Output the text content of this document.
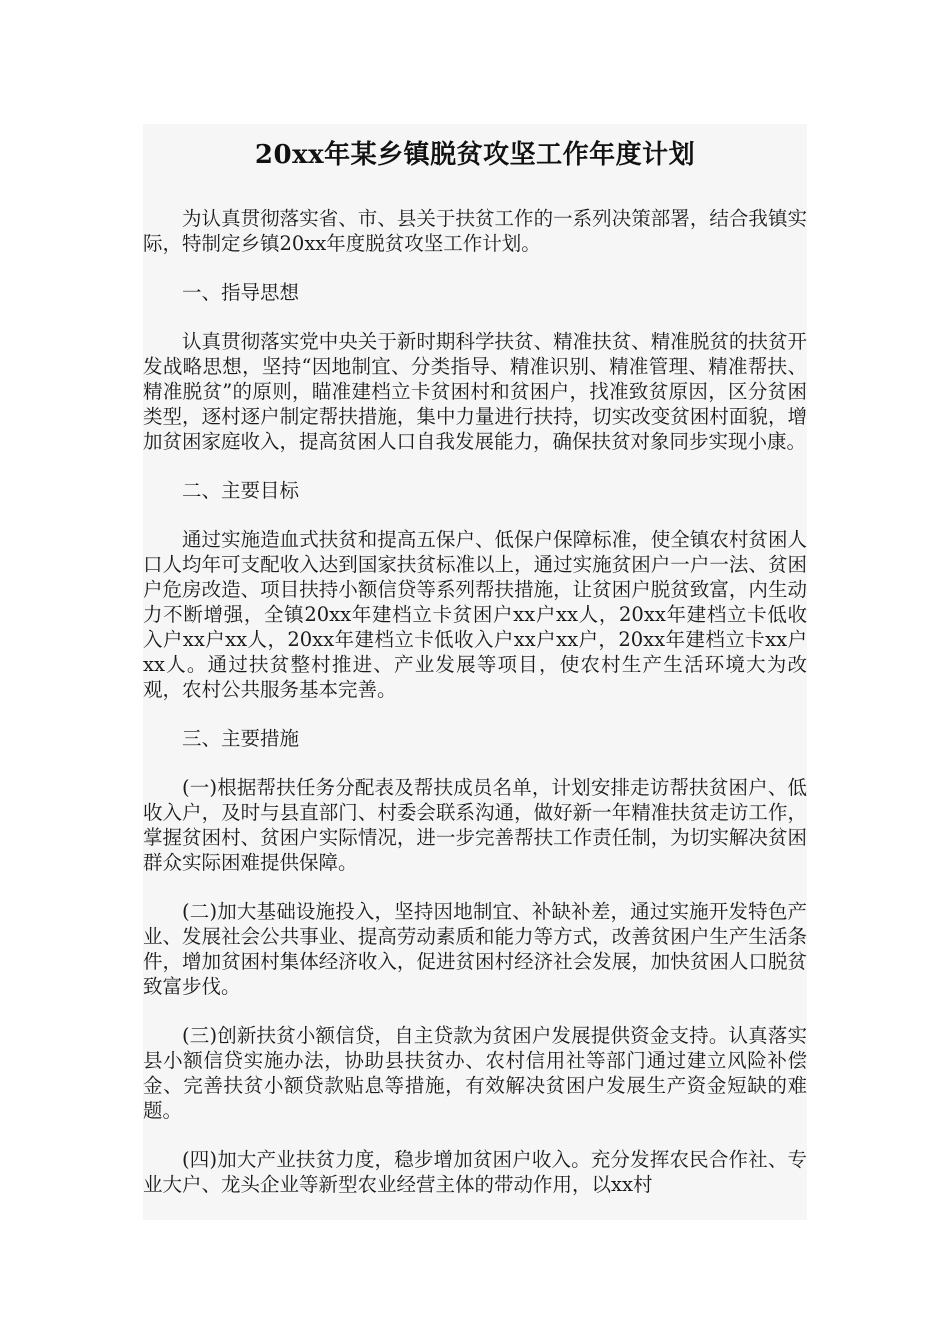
20xx年某乡镇脱贫攻坚工作年度计划

为认真贯彻落实省、市、县关于扶贫工作的一系列决策部署，结合我镇实际，特制定乡镇20xx年度脱贫攻坚工作计划。

一、指导思想

认真贯彻落实党中央关于新时期科学扶贫、精准扶贫、精准脱贫的扶贫开发战略思想，坚持“因地制宜、分类指导、精准识别、精准管理、精准帮扶、精准脱贫”的原则，瞄准建档立卡贫困村和贫困户，找准致贫原因，区分贫困类型，逐村逐户制定帮扶措施，集中力量进行扶持，切实改变贫困村面貌，增加贫困家庭收入，提高贫困人口自我发展能力，确保扶贫对象同步实现小康。

二、主要目标

通过实施造血式扶贫和提高五保户、低保户保障标准，使全镇农村贫困人口人均年可支配收入达到国家扶贫标准以上，通过实施贫困户一户一法、贫困户危房改造、项目扶持小额信贷等系列帮扶措施，让贫困户脱贫致富，内生动力不断增强，全镇20xx年建档立卡贫困户xx户xx人，20xx年建档立卡低收入户xx户xx人，20xx年建档立卡低收入户xx户xx户，20xx年建档立卡xx户xx人。通过扶贫整村推进、产业发展等项目，使农村生产生活环境大为改观，农村公共服务基本完善。

三、主要措施

(一)根据帮扶任务分配表及帮扶成员名单，计划安排走访帮扶贫困户、低收入户，及时与县直部门、村委会联系沟通，做好新一年精准扶贫走访工作，掌握贫困村、贫困户实际情况，进一步完善帮扶工作责任制，为切实解决贫困群众实际困难提供保障。

(二)加大基础设施投入，坚持因地制宜、补缺补差，通过实施开发特色产业、发展社会公共事业、提高劳动素质和能力等方式，改善贫困户生产生活条件，增加贫困村集体经济收入，促进贫困村经济社会发展，加快贫困人口脱贫致富步伐。

(三)创新扶贫小额信贷，自主贷款为贫困户发展提供资金支持。认真落实县小额信贷实施办法，协助县扶贫办、农村信用社等部门通过建立风险补偿金、完善扶贫小额贷款贴息等措施，有效解决贫困户发展生产资金短缺的难题。

(四)加大产业扶贫力度，稳步增加贫困户收入。充分发挥农民合作社、专业大户、龙头企业等新型农业经营主体的带动作用，以xx村
